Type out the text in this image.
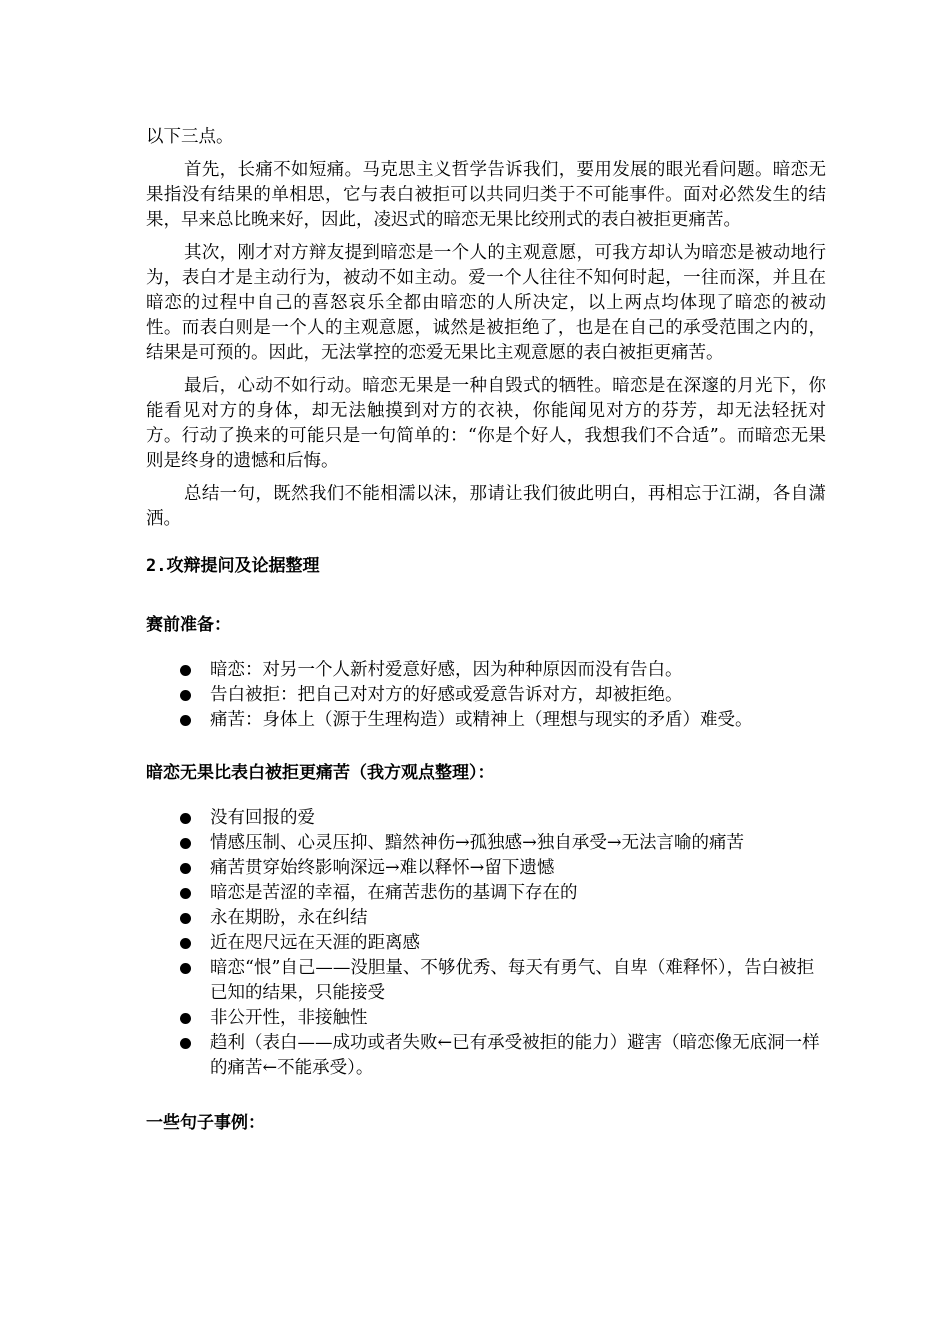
以下三点。

首先，长痛不如短痛。马克思主义哲学告诉我们，要用发展的眼光看问题。暗恋无果指没有结果的单相思，它与表白被拒可以共同归类于不可能事件。面对必然发生的结果，早来总比晚来好，因此，凌迟式的暗恋无果比绞刑式的表白被拒更痛苦。

其次，刚才对方辩友提到暗恋是一个人的主观意愿，可我方却认为暗恋是被动地行为，表白才是主动行为，被动不如主动。爱一个人往往不知何时起，一往而深，并且在暗恋的过程中自己的喜怒哀乐全都由暗恋的人所决定，以上两点均体现了暗恋的被动性。而表白则是一个人的主观意愿，诚然是被拒绝了，也是在自己的承受范围之内的，结果是可预的。因此，无法掌控的恋爱无果比主观意愿的表白被拒更痛苦。

最后，心动不如行动。暗恋无果是一种自毁式的牺牲。暗恋是在深邃的月光下，你能看见对方的身体，却无法触摸到对方的衣袂，你能闻见对方的芬芳，却无法轻抚对方。行动了换来的可能只是一句简单的：“你是个好人，我想我们不合适”。而暗恋无果则是终身的遗憾和后悔。

总结一句，既然我们不能相濡以沫，那请让我们彼此明白，再相忘于江湖，各自潇洒。

2.攻辩提问及论据整理

赛前准备：

暗恋：对另一个人新村爱意好感，因为种种原因而没有告白。
告白被拒：把自己对对方的好感或爱意告诉对方，却被拒绝。
痛苦：身体上（源于生理构造）或精神上（理想与现实的矛盾）难受。

暗恋无果比表白被拒更痛苦（我方观点整理）：

没有回报的爱
情感压制、心灵压抑、黯然神伤→孤独感→独自承受→无法言喻的痛苦
痛苦贯穿始终影响深远→难以释怀→留下遗憾
暗恋是苦涩的幸福，在痛苦悲伤的基调下存在的
永在期盼，永在纠结
近在咫尺远在天涯的距离感
暗恋“恨”自己——没胆量、不够优秀、每天有勇气、自卑（难释怀），告白被拒已知的结果，只能接受
非公开性，非接触性
趋利（表白——成功或者失败←已有承受被拒的能力）避害（暗恋像无底洞一样的痛苦←不能承受）。

一些句子事例：
